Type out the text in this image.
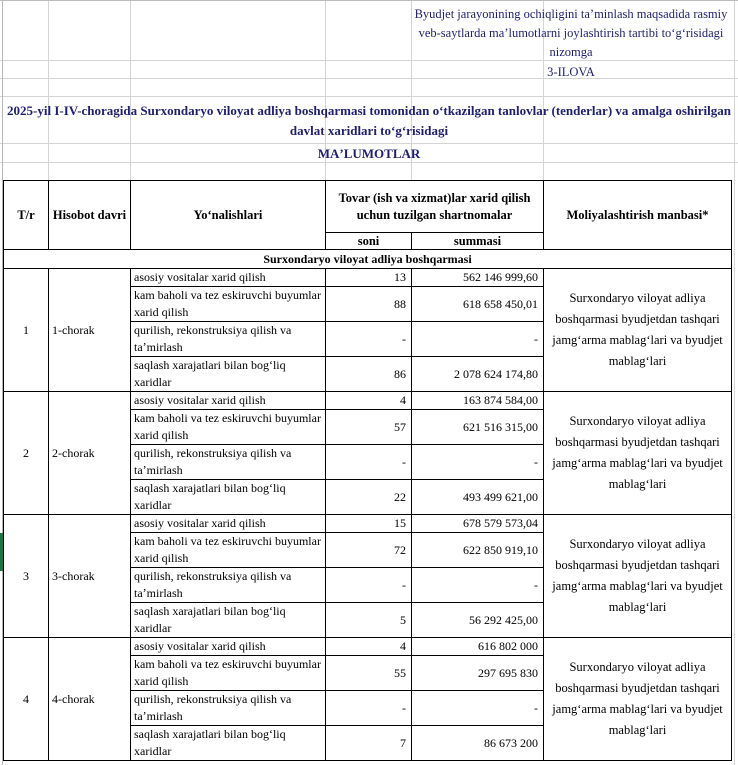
Byudjet jarayonining ochiqligini taʼminlash maqsadida rasmiy veb-saytlarda maʼlumotlarni joylashtirish tartibi toʻgʻrisidagi nizomga
3-ILOVA
2025-yil I-IV-choragida Surxondaryo viloyat adliya boshqarmasi tomonidan oʻtkazilgan tanlovlar (tenderlar) va amalga oshirilgan davlat xaridlari toʻgʻrisidagi
MAʼLUMOTLAR
T/r	Hisobot davri	Yoʻnalishlari	Tovar (ish va xizmat)lar xarid qilish uchun tuzilgan shartnomalar		Moliyalashtirish manbasi*
			soni	summasi	
Surxondaryo viloyat adliya boshqarmasi					
1	1-chorak	asosiy vositalar xarid qilish	13	562 146 999,60	Surxondaryo viloyat adliya boshqarmasi byudjetdan tashqari jamgʻarma mablagʻlari va byudjet mablagʻlari
		kam baholi va tez eskiruvchi buyumlar xarid qilish	88	618 658 450,01	
		qurilish, rekonstruksiya qilish va taʼmirlash	-	-	
		saqlash xarajatlari bilan bogʻliq xaridlar	86	2 078 624 174,80	
2	2-chorak	asosiy vositalar xarid qilish	4	163 874 584,00	Surxondaryo viloyat adliya boshqarmasi byudjetdan tashqari jamgʻarma mablagʻlari va byudjet mablagʻlari
		kam baholi va tez eskiruvchi buyumlar xarid qilish	57	621 516 315,00	
		qurilish, rekonstruksiya qilish va taʼmirlash	-	-	
		saqlash xarajatlari bilan bogʻliq xaridlar	22	493 499 621,00	
3	3-chorak	asosiy vositalar xarid qilish	15	678 579 573,04	Surxondaryo viloyat adliya boshqarmasi byudjetdan tashqari jamgʻarma mablagʻlari va byudjet mablagʻlari
		kam baholi va tez eskiruvchi buyumlar xarid qilish	72	622 850 919,10	
		qurilish, rekonstruksiya qilish va taʼmirlash	-	-	
		saqlash xarajatlari bilan bogʻliq xaridlar	5	56 292 425,00	
4	4-chorak	asosiy vositalar xarid qilish	4	616 802 000	Surxondaryo viloyat adliya boshqarmasi byudjetdan tashqari jamgʻarma mablagʻlari va byudjet mablagʻlari
		kam baholi va tez eskiruvchi buyumlar xarid qilish	55	297 695 830	
		qurilish, rekonstruksiya qilish va taʼmirlash	-	-	
		saqlash xarajatlari bilan bogʻliq xaridlar	7	86 673 200	
